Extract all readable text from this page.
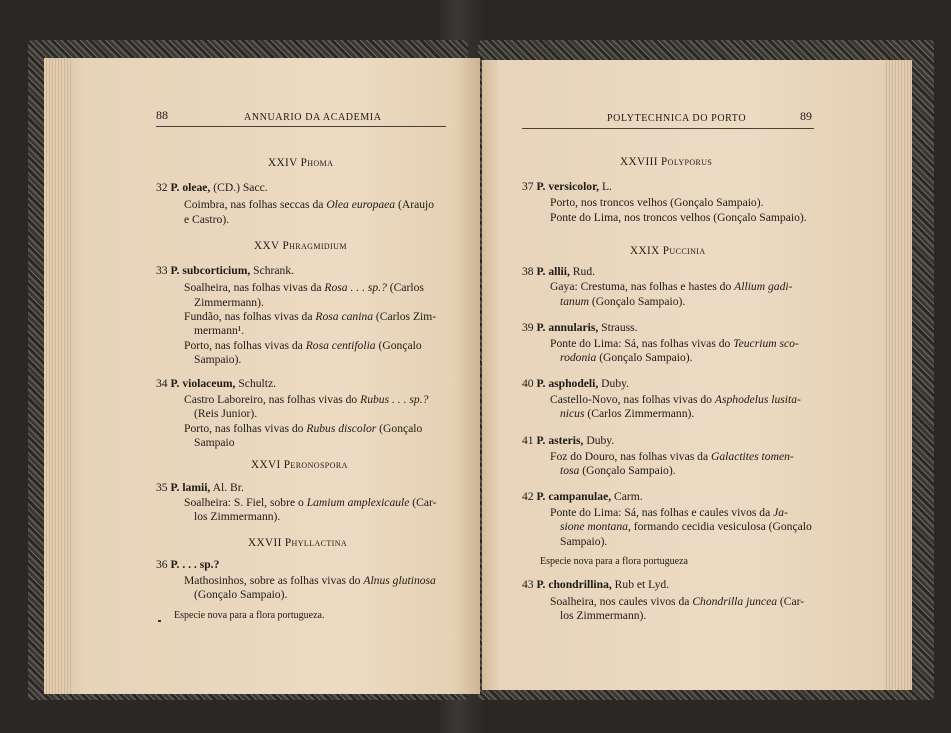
88	ANNUARIO DA ACADEMIA
XXIV Phoma
32 P. oleae, (CD.) Sacc.
Coimbra, nas folhas seccas da Olea europaea (Araujo
e Castro).
XXV Phragmidium
33 P. subcorticium, Schrank.
Soalheira, nas folhas vivas da Rosa . . . sp.? (Carlos
Zimmermann).
Fundão, nas folhas vivas da Rosa canina (Carlos Zim-
mermann¹.
Porto, nas folhas vivas da Rosa centifolia (Gonçalo
Sampaio).
34 P. violaceum, Schultz.
Castro Laboreiro, nas folhas vivas do Rubus . . . sp.?
(Reis Junior).
Porto, nas folhas vivas do Rubus discolor (Gonçalo
Sampaio
XXVI Peronospora
35 P. lamii, Al. Br.
Soalheira: S. Fiel, sobre o Lamium amplexicaule (Car-
los Zimmermann).
XXVII Phyllactina
36 P. . . . sp.?
Mathosinhos, sobre as folhas vivas do Alnus glutinosa
(Gonçalo Sampaio).
Especie nova para a flora portugueza.
POLYTECHNICA DO PORTO	89
XXVIII Polyporus
37 P. versicolor, L.
Porto, nos troncos velhos (Gonçalo Sampaio).
Ponte do Lima, nos troncos velhos (Gonçalo Sampaio).
XXIX Puccinia
38 P. allii, Rud.
Gaya: Crestuma, nas folhas e hastes do Allium gadi-
tanum (Gonçalo Sampaio).
39 P. annularis, Strauss.
Ponte do Lima: Sá, nas folhas vivas do Teucrium sco-
rodonia (Gonçalo Sampaio).
40 P. asphodeli, Duby.
Castello-Novo, nas folhas vivas do Asphodelus lusita-
nicus (Carlos Zimmermann).
41 P. asteris, Duby.
Foz do Douro, nas folhas vivas da Galactites tomen-
tosa (Gonçalo Sampaio).
42 P. campanulae, Carm.
Ponte do Lima: Sá, nas folhas e caules vivos da Ja-
sione montana, formando cecidia vesiculosa (Gonçalo
Sampaio).
Especie nova para a flora portugueza
43 P. chondrillina, Rub et Lyd.
Soalheira, nos caules vivos da Chondrilla juncea (Car-
los Zimmermann).
